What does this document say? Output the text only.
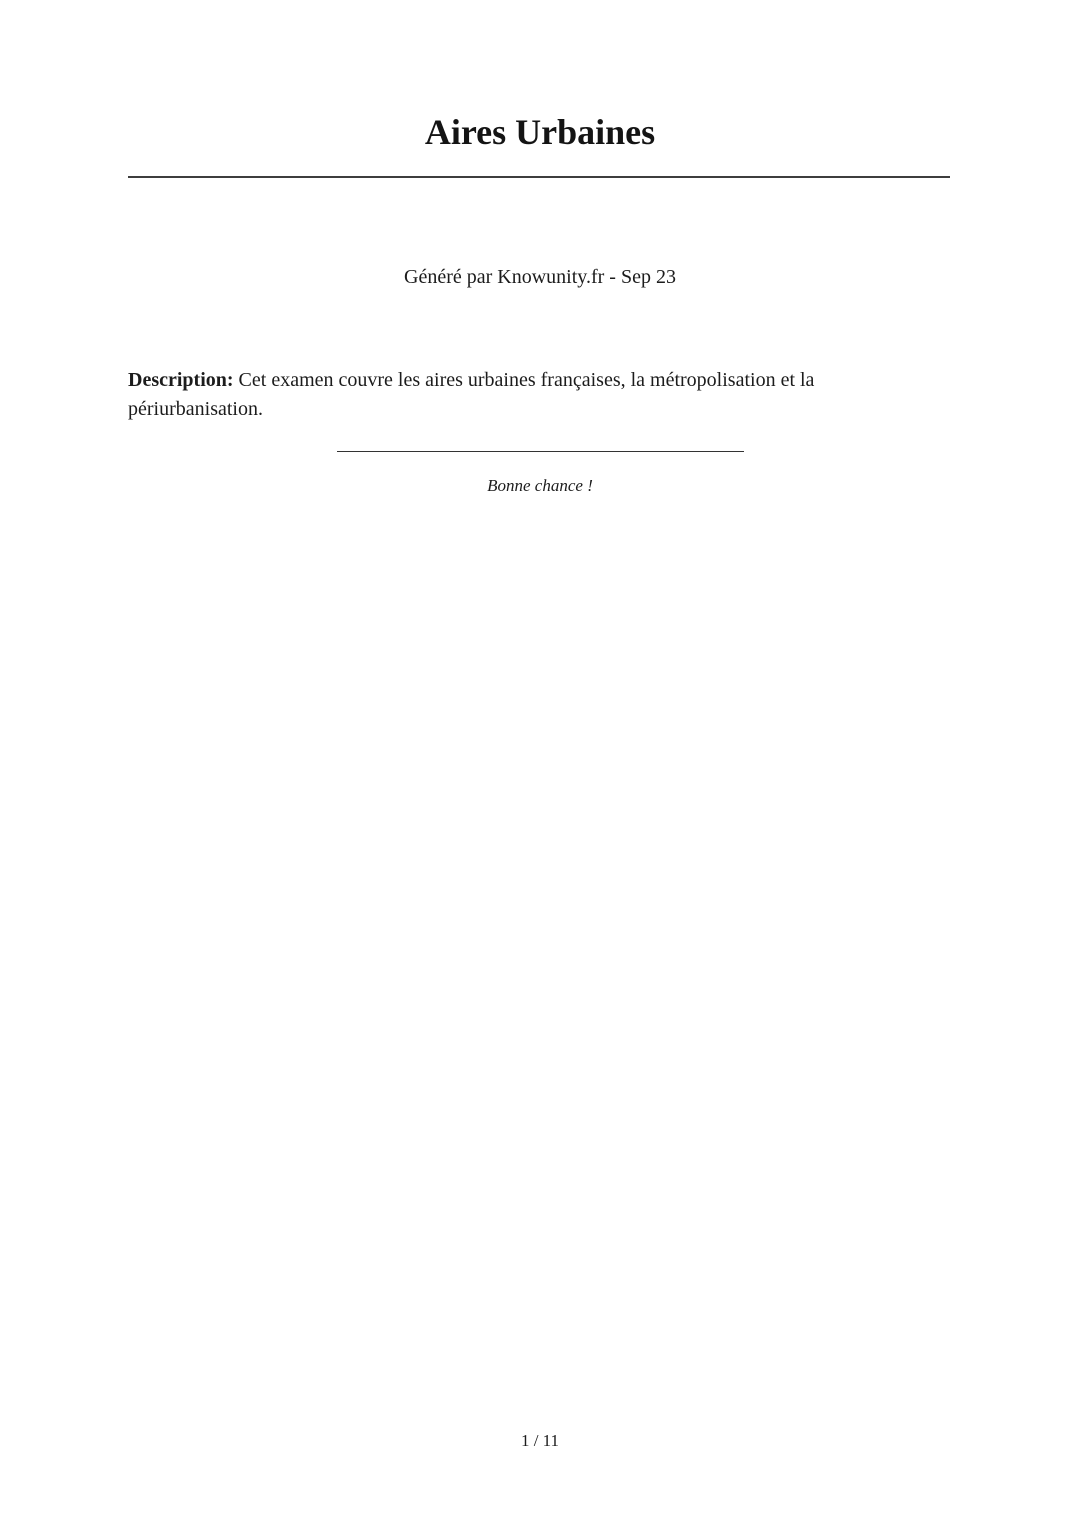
Aires Urbaines
Généré par Knowunity.fr - Sep 23

Description: Cet examen couvre les aires urbaines françaises, la métropolisation et la périurbanisation.

Bonne chance !
1 / 11
